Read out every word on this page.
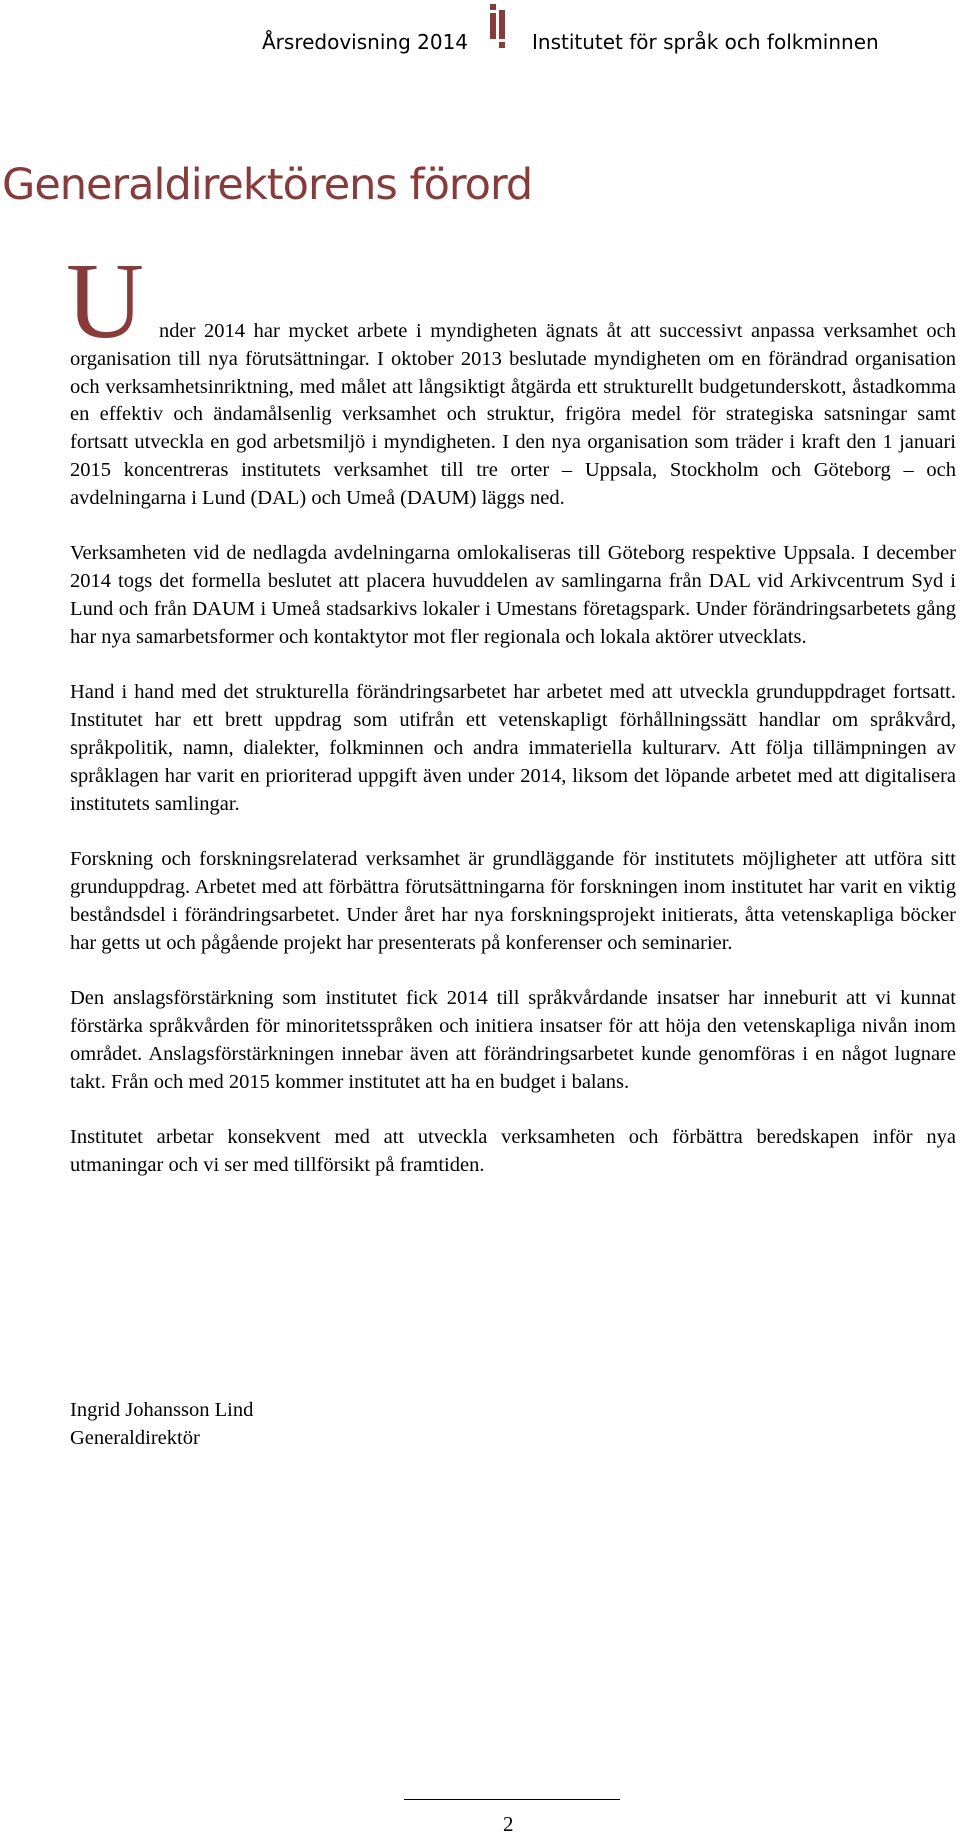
Årsredovisning 2014	Institutet för språk och folkminnen
Generaldirektörens förord
U nder 2014 har mycket arbete i myndigheten ägnats åt att successivt anpassa verksamhet och organisation till nya förutsättningar. I oktober 2013 beslutade myndigheten om en förändrad organisation och verksamhetsinriktning, med målet att långsiktigt åtgärda ett strukturellt budgetunderskott, åstadkomma en effektiv och ändamålsenlig verksamhet och struktur, frigöra medel för strategiska satsningar samt fortsatt utveckla en god arbetsmiljö i myndigheten. I den nya organisation som träder i kraft den 1 januari 2015 koncentreras institutets verksamhet till tre orter – Uppsala, Stockholm och Göteborg – och avdelningarna i Lund (DAL) och Umeå (DAUM) läggs ned.

Verksamheten vid de nedlagda avdelningarna omlokaliseras till Göteborg respektive Uppsala. I december 2014 togs det formella beslutet att placera huvuddelen av samlingarna från DAL vid Arkivcentrum Syd i Lund och från DAUM i Umeå stadsarkivs lokaler i Umestans företagspark. Under förändringsarbetets gång har nya samarbetsformer och kontaktytor mot fler regionala och lokala aktörer utvecklats.

Hand i hand med det strukturella förändringsarbetet har arbetet med att utveckla grunduppdraget fortsatt. Institutet har ett brett uppdrag som utifrån ett vetenskapligt förhållningssätt handlar om språkvård, språkpolitik, namn, dialekter, folkminnen och andra immateriella kulturarv. Att följa tillämpningen av språklagen har varit en prioriterad uppgift även under 2014, liksom det löpande arbetet med att digitalisera institutets samlingar.

Forskning och forskningsrelaterad verksamhet är grundläggande för institutets möjligheter att utföra sitt grunduppdrag. Arbetet med att förbättra förutsättningarna för forskningen inom institutet har varit en viktig beståndsdel i förändringsarbetet. Under året har nya forskningsprojekt initierats, åtta vetenskapliga böcker har getts ut och pågående projekt har presenterats på konferenser och seminarier.

Den anslagsförstärkning som institutet fick 2014 till språkvårdande insatser har inneburit att vi kunnat förstärka språkvården för minoritetsspråken och initiera insatser för att höja den vetenskapliga nivån inom området. Anslagsförstärkningen innebar även att förändringsarbetet kunde genomföras i en något lugnare takt. Från och med 2015 kommer institutet att ha en budget i balans.

Institutet arbetar konsekvent med att utveckla verksamheten och förbättra beredskapen inför nya utmaningar och vi ser med tillförsikt på framtiden.

Ingrid Johansson Lind
Generaldirektör
2
